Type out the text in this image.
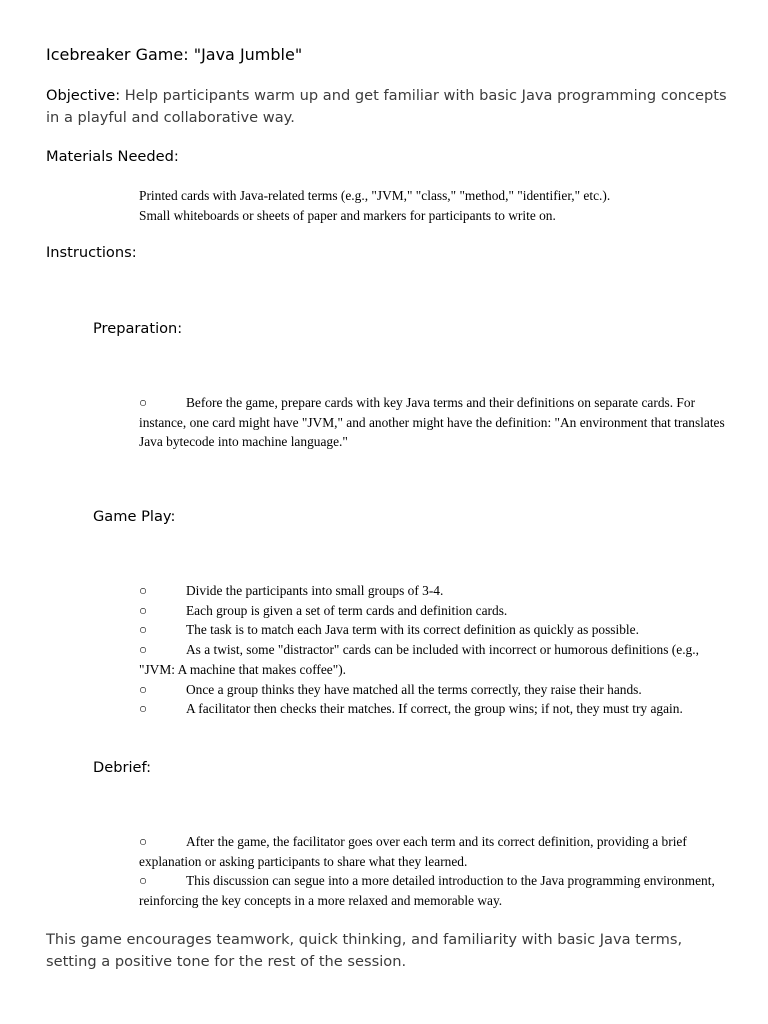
Icebreaker Game: "Java Jumble"
Objective: Help participants warm up and get familiar with basic Java programming concepts in a playful and collaborative way.
Materials Needed:
Printed cards with Java-related terms (e.g., "JVM," "class," "method," "identifier," etc.).
Small whiteboards or sheets of paper and markers for participants to write on.
Instructions:
Preparation:
○	Before the game, prepare cards with key Java terms and their definitions on separate cards. For instance, one card might have "JVM," and another might have the definition: "An environment that translates Java bytecode into machine language."
Game Play:
○	Divide the participants into small groups of 3-4.
○	Each group is given a set of term cards and definition cards.
○	The task is to match each Java term with its correct definition as quickly as possible.
○	As a twist, some "distractor" cards can be included with incorrect or humorous definitions (e.g., "JVM: A machine that makes coffee").
○	Once a group thinks they have matched all the terms correctly, they raise their hands.
○	A facilitator then checks their matches. If correct, the group wins; if not, they must try again.
Debrief:
○	After the game, the facilitator goes over each term and its correct definition, providing a brief explanation or asking participants to share what they learned.
○	This discussion can segue into a more detailed introduction to the Java programming environment, reinforcing the key concepts in a more relaxed and memorable way.
This game encourages teamwork, quick thinking, and familiarity with basic Java terms, setting a positive tone for the rest of the session.
